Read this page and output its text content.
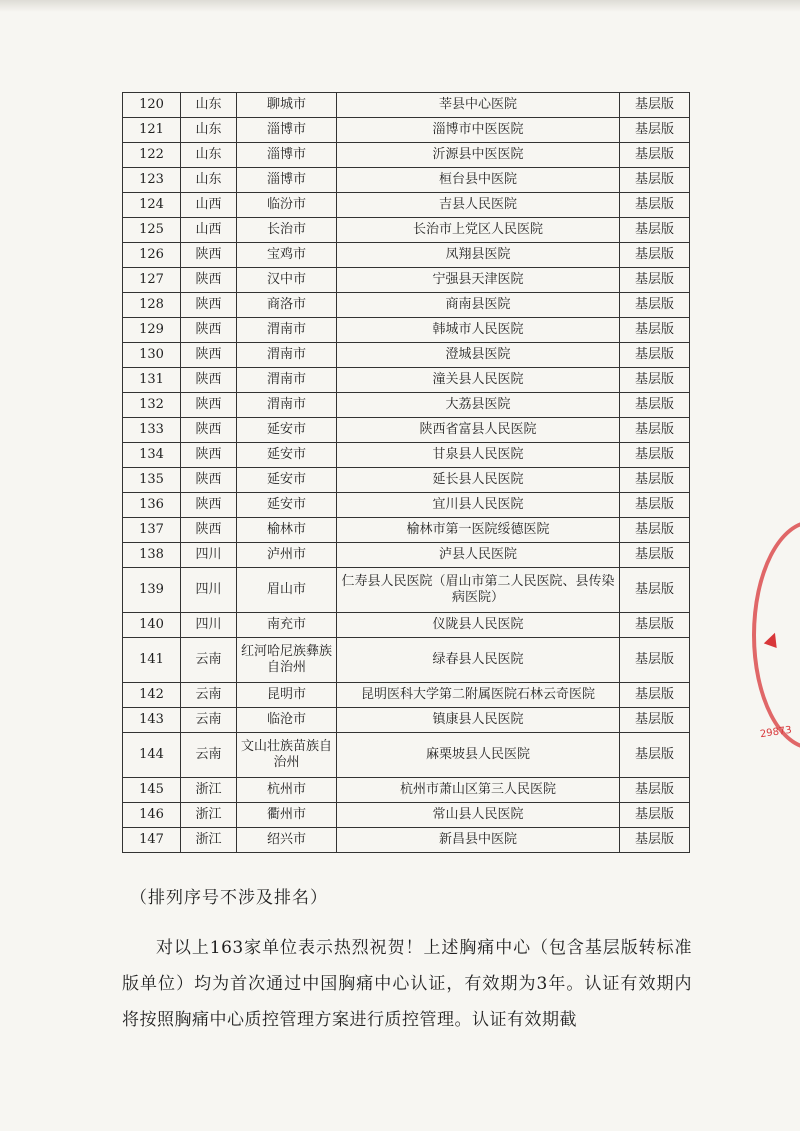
120	山东	聊城市	莘县中心医院	基层版
121	山东	淄博市	淄博市中医医院	基层版
122	山东	淄博市	沂源县中医医院	基层版
123	山东	淄博市	桓台县中医院	基层版
124	山西	临汾市	吉县人民医院	基层版
125	山西	长治市	长治市上党区人民医院	基层版
126	陕西	宝鸡市	凤翔县医院	基层版
127	陕西	汉中市	宁强县天津医院	基层版
128	陕西	商洛市	商南县医院	基层版
129	陕西	渭南市	韩城市人民医院	基层版
130	陕西	渭南市	澄城县医院	基层版
131	陕西	渭南市	潼关县人民医院	基层版
132	陕西	渭南市	大荔县医院	基层版
133	陕西	延安市	陕西省富县人民医院	基层版
134	陕西	延安市	甘泉县人民医院	基层版
135	陕西	延安市	延长县人民医院	基层版
136	陕西	延安市	宜川县人民医院	基层版
137	陕西	榆林市	榆林市第一医院绥德医院	基层版
138	四川	泸州市	泸县人民医院	基层版
139	四川	眉山市	仁寿县人民医院（眉山市第二人民医院、县传染病医院）	基层版
140	四川	南充市	仪陇县人民医院	基层版
141	云南	红河哈尼族彝族自治州	绿春县人民医院	基层版
142	云南	昆明市	昆明医科大学第二附属医院石林云奇医院	基层版
143	云南	临沧市	镇康县人民医院	基层版
144	云南	文山壮族苗族自治州	麻栗坡县人民医院	基层版
145	浙江	杭州市	杭州市萧山区第三人民医院	基层版
146	浙江	衢州市	常山县人民医院	基层版
147	浙江	绍兴市	新昌县中医院	基层版
（排列序号不涉及排名）
对以上163家单位表示热烈祝贺！上述胸痛中心（包含基层版转标准版单位）均为首次通过中国胸痛中心认证，有效期为3年。认证有效期内将按照胸痛中心质控管理方案进行质控管理。认证有效期截
▲
29873
